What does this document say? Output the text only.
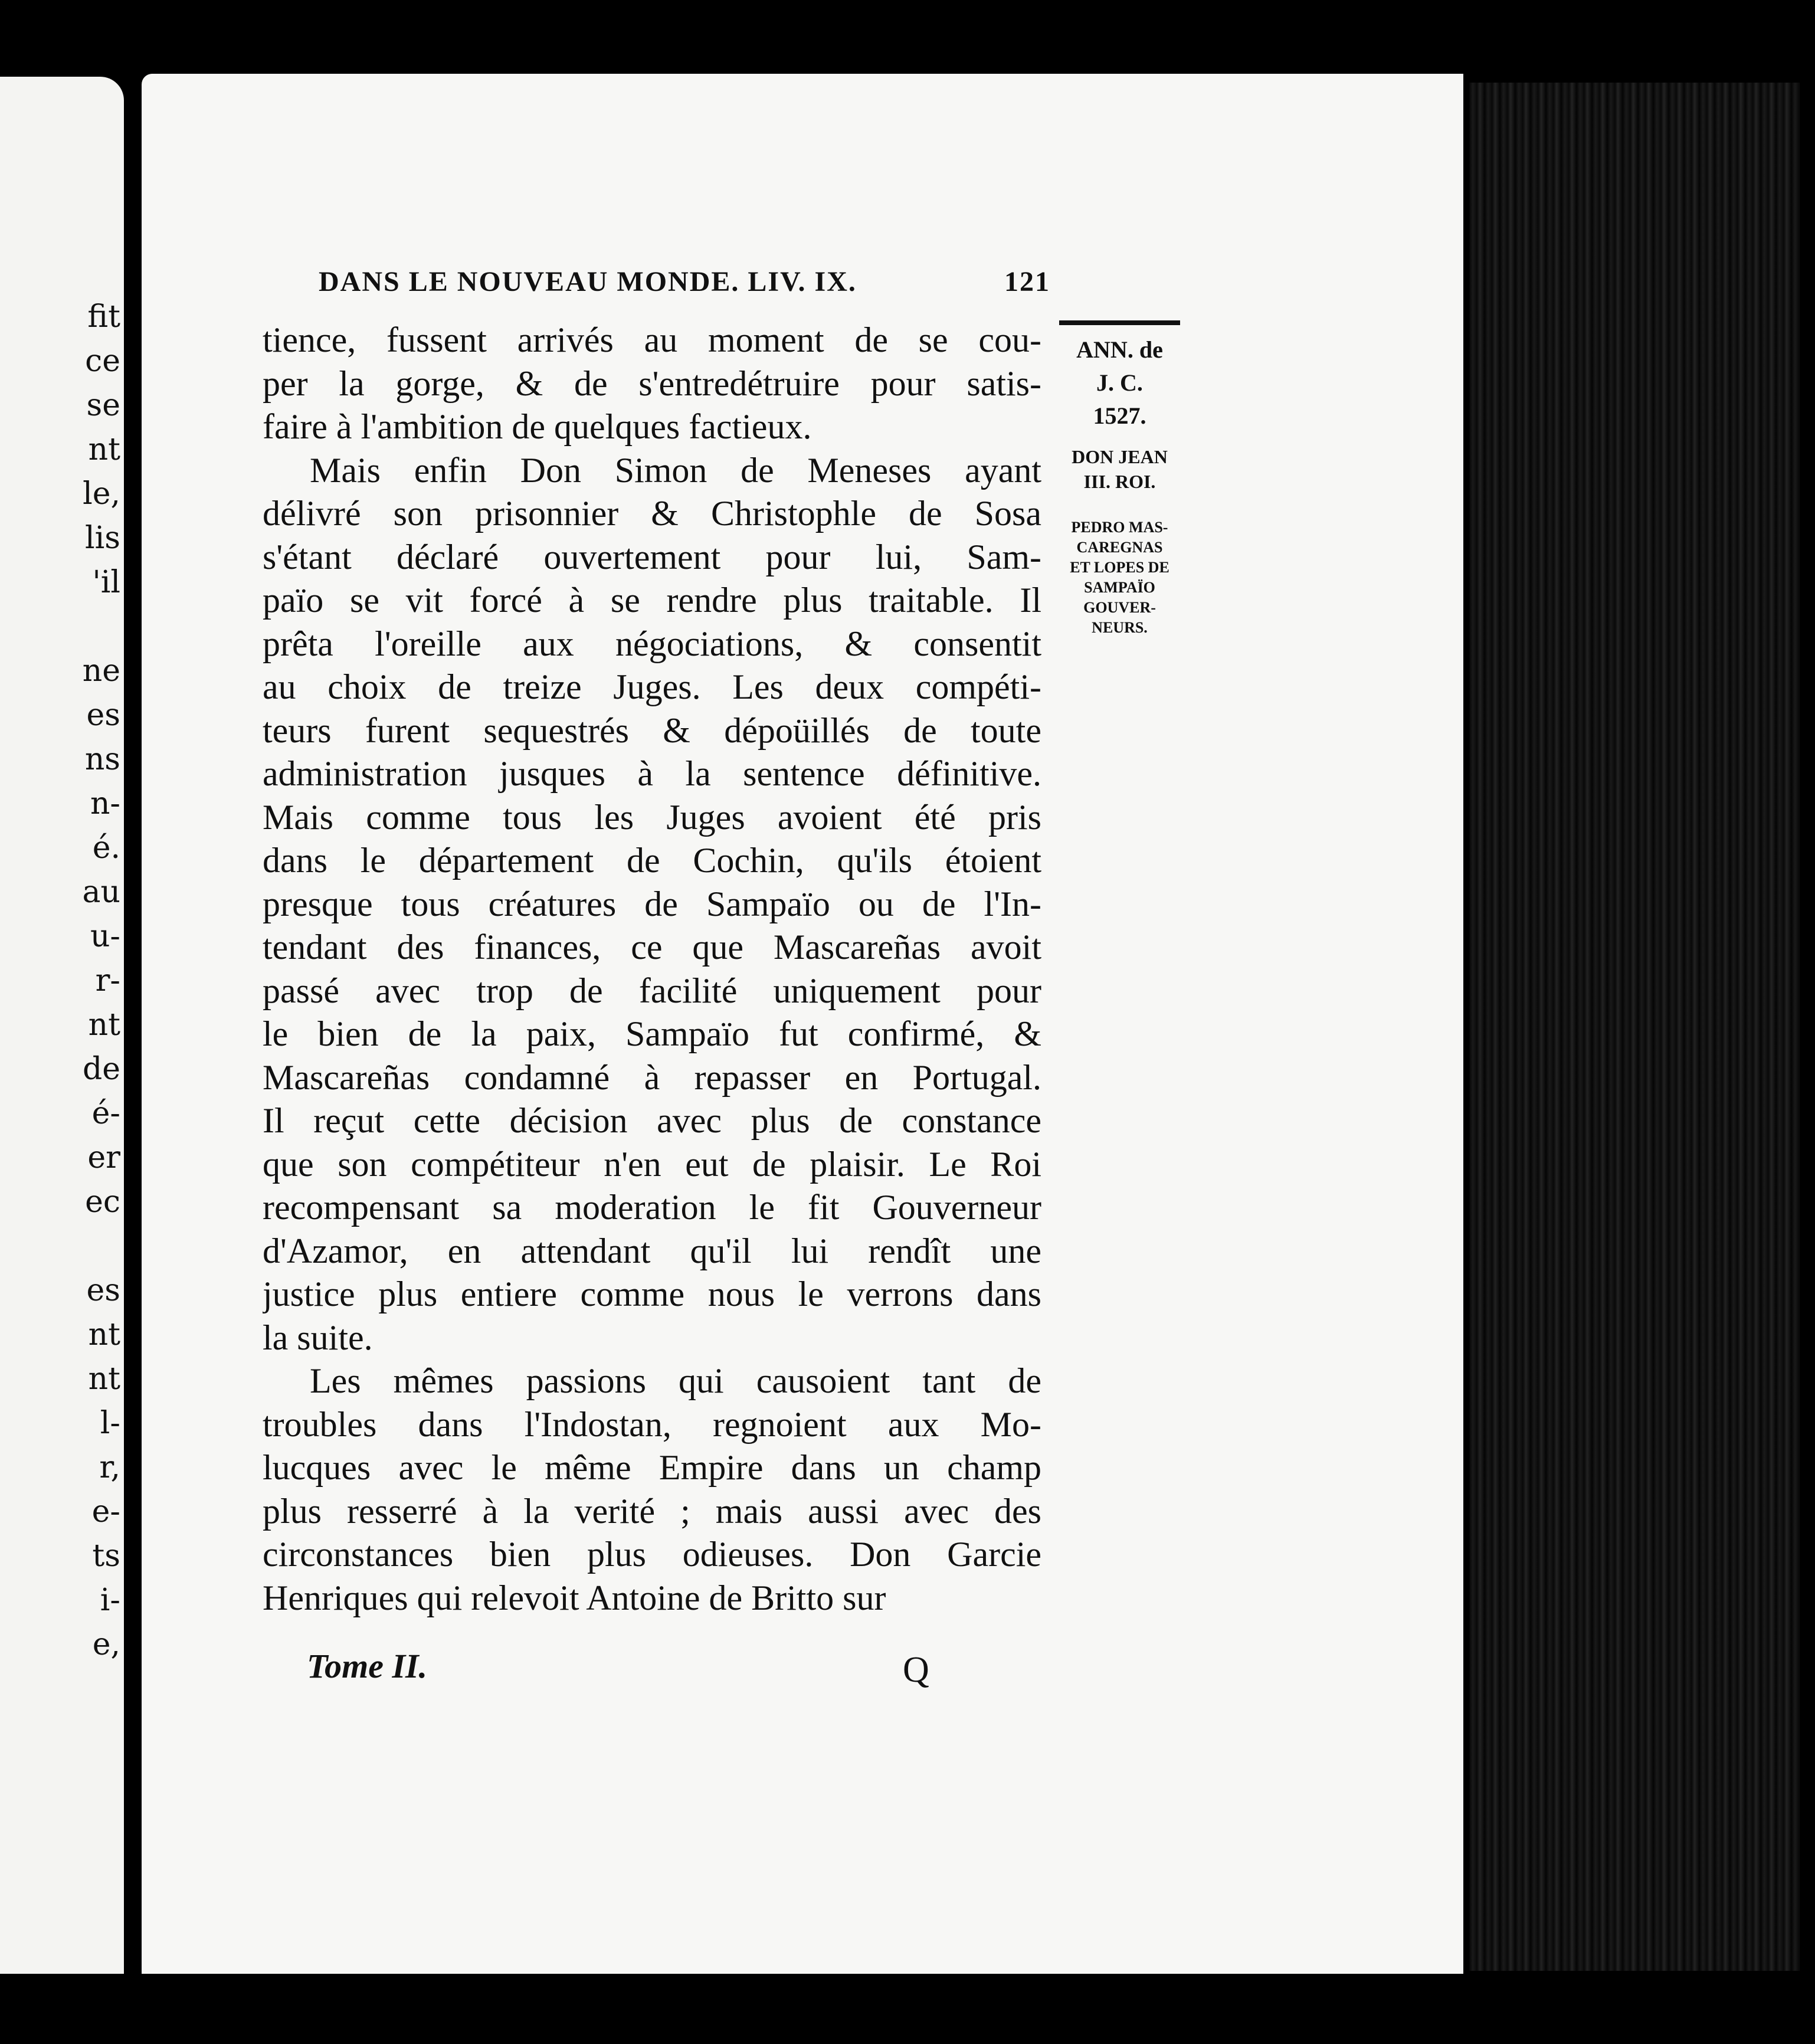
fit
ce
se
nt
le,
lis
'il
ne
es
ns
n-
é.
au
u-
r-
nt
de
é-
er
ec
es
nt
nt
l-
r,
e-
ts
i-
e,
DANS LE NOUVEAU MONDE. LIV. IX.	121
tience, fussent arrivés au moment de se cou-
per la gorge, & de s'entredétruire pour satis-
faire à l'ambition de quelques factieux.
Mais enfin Don Simon de Meneses ayant
délivré son prisonnier & Christophle de Sosa
s'étant déclaré ouvertement pour lui, Sam-
païo se vit forcé à se rendre plus traitable. Il
prêta l'oreille aux négociations, & consentit
au choix de treize Juges. Les deux compéti-
teurs furent sequestrés & dépoüillés de toute
administration jusques à la sentence définitive.
Mais comme tous les Juges avoient été pris
dans le département de Cochin, qu'ils étoient
presque tous créatures de Sampaïo ou de l'In-
tendant des finances, ce que Mascareñas avoit
passé avec trop de facilité uniquement pour
le bien de la paix, Sampaïo fut confirmé, &
Mascareñas condamné à repasser en Portugal.
Il reçut cette décision avec plus de constance
que son compétiteur n'en eut de plaisir. Le Roi
recompensant sa moderation le fit Gouverneur
d'Azamor, en attendant qu'il lui rendît une
justice plus entiere comme nous le verrons dans
la suite.
Les mêmes passions qui causoient tant de
troubles dans l'Indostan, regnoient aux Mo-
lucques avec le même Empire dans un champ
plus resserré à la verité ; mais aussi avec des
circonstances bien plus odieuses. Don Garcie
Henriques qui relevoit Antoine de Britto sur
ANN. de
J. C.
1527.
DON JEAN
III. ROI.
PEDRO MAS-
CAREGNAS
ET LOPES DE
SAMPAÏO
GOUVER-
NEURS.
Tome II.	Q
